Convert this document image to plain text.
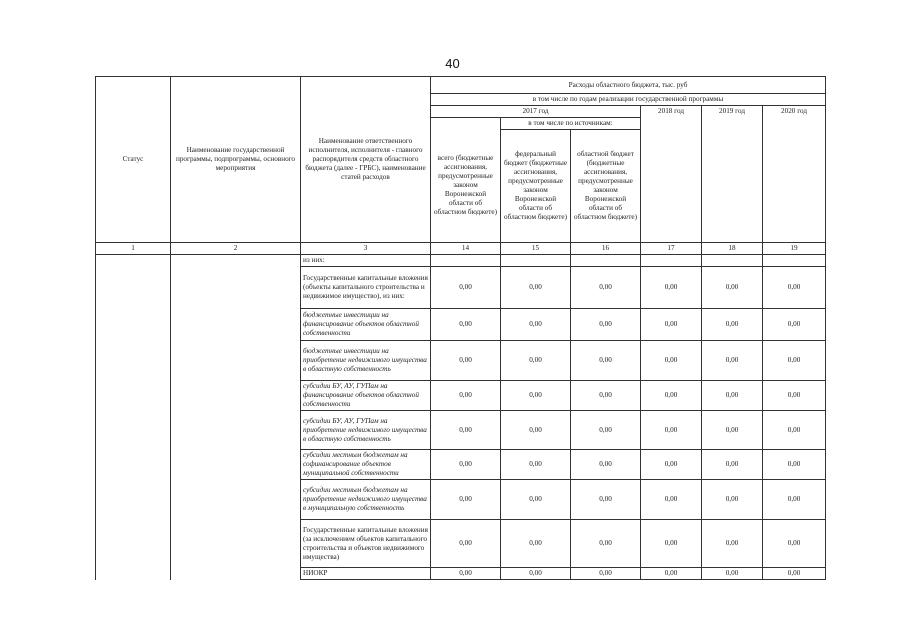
40
Статус	Наименование государственной программы, подпрограммы, основного мероприятия	Наименование ответственного исполнителя, исполнителя - главного распорядителя средств областного бюджета (далее - ГРБС), наименование статей расходов	Расходы областного бюджета, тыс. руб					
			в том числе по годам реализации государственной программы					
			2017 год			2018 год	2019 год	2020 год
				в том числе по источникам:				
			всего (бюджетные ассигнования, предусмотренные законом Воронежской области об областном бюджете)	федеральный бюджет (бюджетные ассигнования, предусмотренные законом Воронежской области об областном бюджете)	областной бюджет (бюджетные ассигнования, предусмотренные законом Воронежской области об областном бюджете)			
1	2	3	14	15	16	17	18	19
		из них:						
		Государственные капитальные вложения (объекты капитального строительства и недвижимое имущество), из них:	0,00	0,00	0,00	0,00	0,00	0,00
		бюджетные инвестиции на финансирование объектов областной собственности	0,00	0,00	0,00	0,00	0,00	0,00
		бюджетные инвестиции на приобретение недвижимого имущества в областную собственность	0,00	0,00	0,00	0,00	0,00	0,00
		субсидии БУ, АУ, ГУПам на финансирование объектов областной собственности	0,00	0,00	0,00	0,00	0,00	0,00
		субсидии БУ, АУ, ГУПам на приобретение недвижимого имущества в областную собственность	0,00	0,00	0,00	0,00	0,00	0,00
		субсидии местным бюджетам на софинансирование объектов муниципальной собственности	0,00	0,00	0,00	0,00	0,00	0,00
		субсидии местным бюджетам на приобретение недвижимого имущества в муниципальную собственность	0,00	0,00	0,00	0,00	0,00	0,00
		Государственные капитальные вложения (за исключением объектов капитального строительства и объектов недвижимого имущества)	0,00	0,00	0,00	0,00	0,00	0,00
		НИОКР	0,00	0,00	0,00	0,00	0,00	0,00
